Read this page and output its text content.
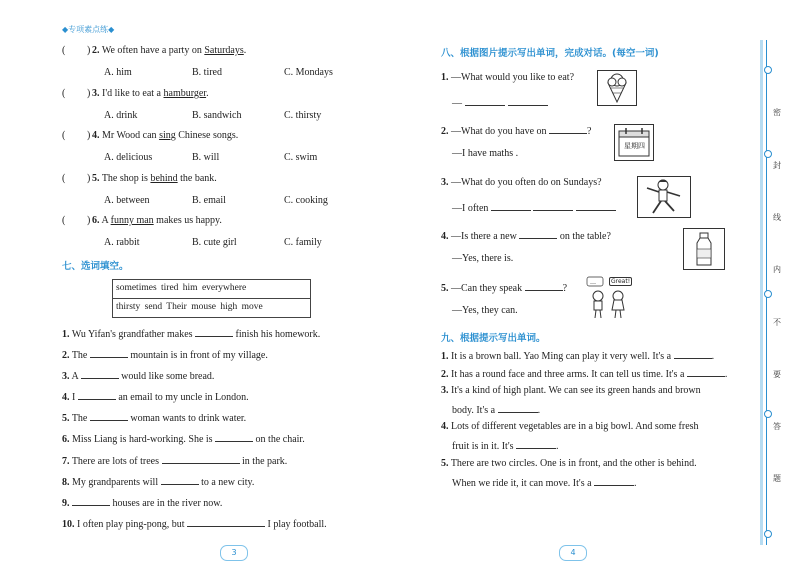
◆专项素点练◆
( ) 2. We often have a party on Saturdays.
A. him	B. tired	C. Mondays
( ) 3. I'd like to eat a hamburger.
A. drink	B. sandwich	C. thirsty
( ) 4. Mr Wood can sing Chinese songs.
A. delicious	B. will	C. swim
( ) 5. The shop is behind the bank.
A. between	B. email	C. cooking
( ) 6. A funny man makes us happy.
A. rabbit	B. cute girl	C. family
七、选词填空。
sometimes tired him everywhere
thirsty send Their mouse high move
1. Wu Yifan's grandfather makes	finish his homework.
2. The	mountain is in front of my village.
3. A	would like some bread.
4. I	an email to my uncle in London.
5. The	woman wants to drink water.
6. Miss Liang is hard-working. She is	on the chair.
7. There are lots of trees	in the park.
8. My grandparents will	to a new city.
9.	houses are in the river now.
10. I often play ping-pong, but	I play football.
3
八、根据图片提示写出单词，完成对话。(每空一词)
1. —What would you like to eat?
—
2. —What do you have on	?
—I have maths .
3. —What do you often do on Sundays?
—I often
4. —Is there a new	on the table?
—Yes, there is.
5. —Can they speak	?
—Yes, they can.
星期四
…	Great!
九、根据提示写出单词。
1. It is a brown ball. Yao Ming can play it very well. It's a	.
2. It has a round face and three arms. It can tell us time. It's a	.
3. It's a kind of high plant. We can see its green hands and brown
body. It's a	.
4. Lots of different vegetables are in a big bowl. And some fresh
fruit is in it. It's	.
5. There are two circles. One is in front, and the other is behind.
When we ride it, it can move. It's a	.
4
密
封
线
内
不
要
答
题
